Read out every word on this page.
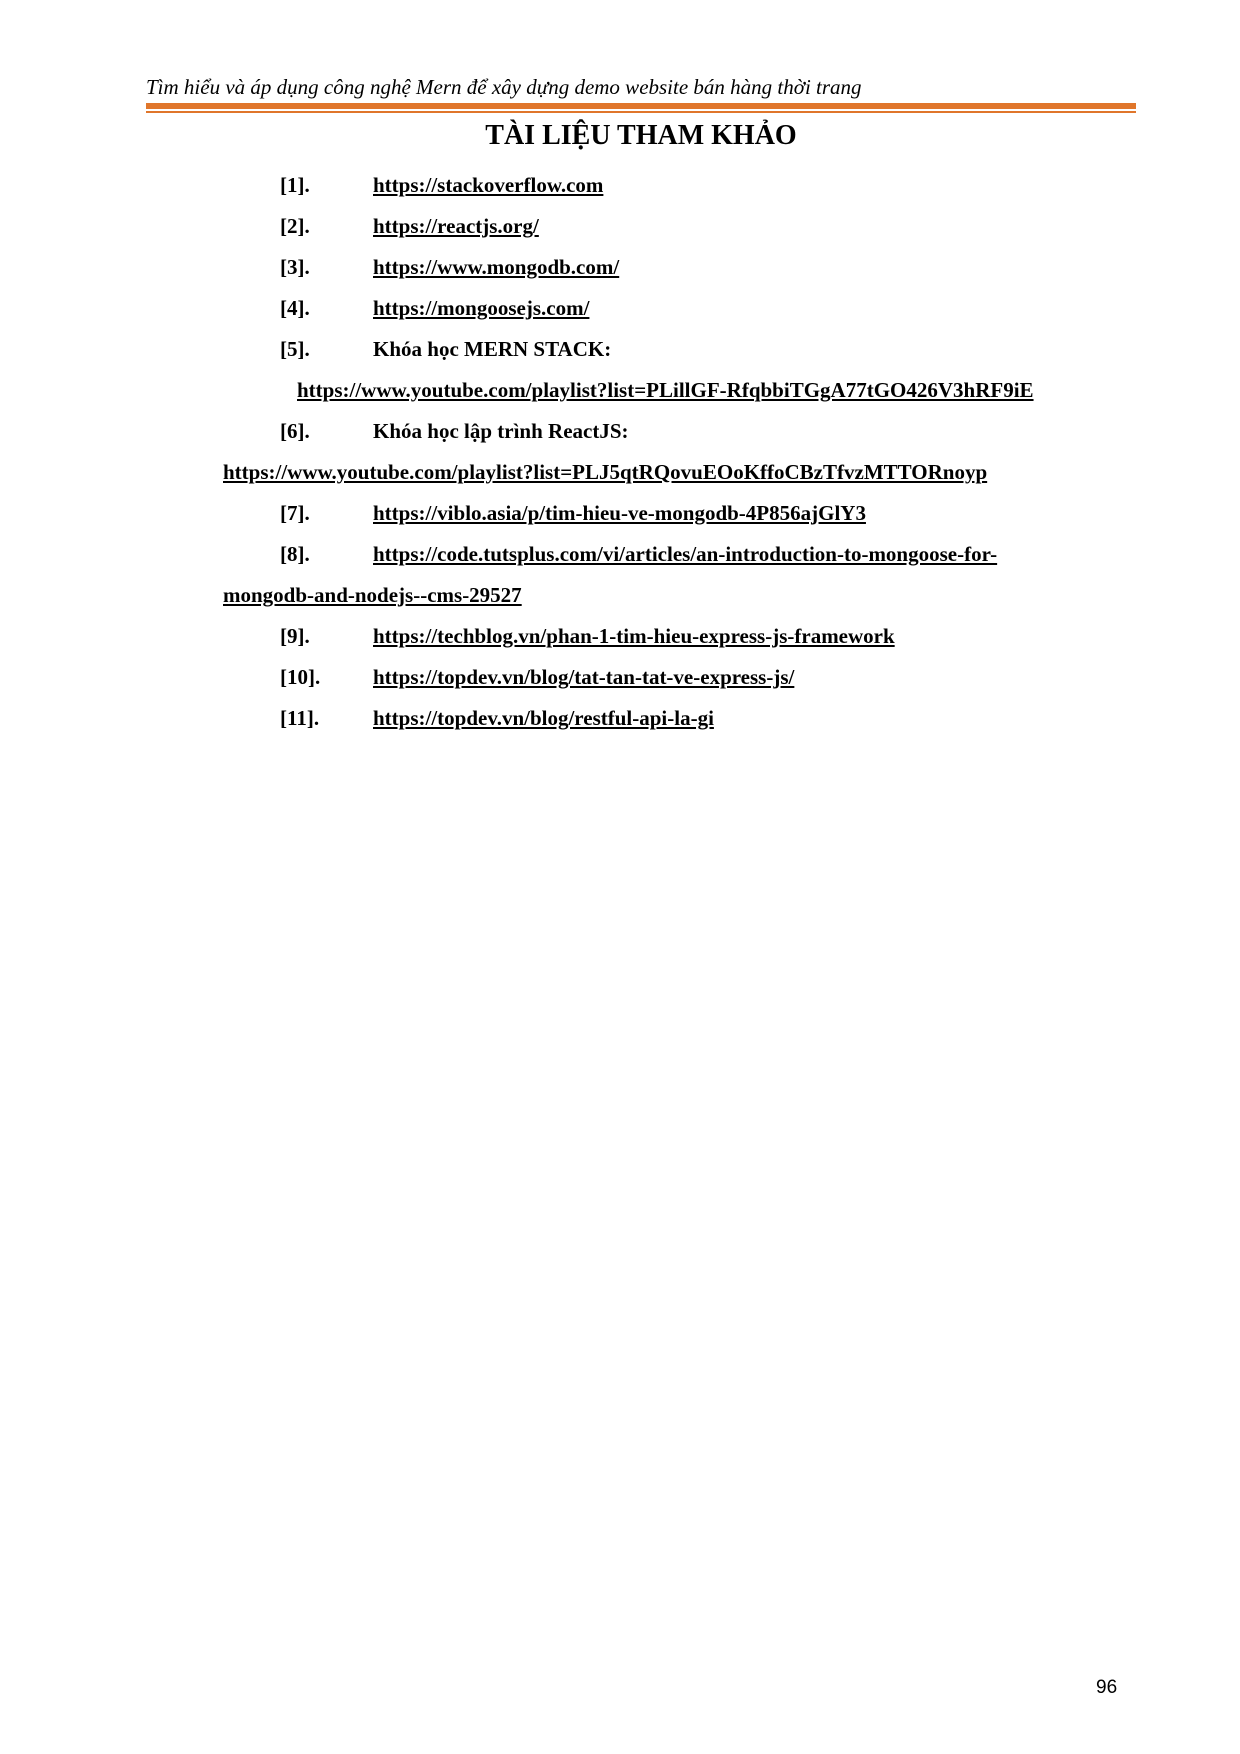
Tìm hiểu và áp dụng công nghệ Mern để xây dựng demo website bán hàng thời trang
TÀI LIỆU THAM KHẢO
[1].	https://stackoverflow.com
[2].	https://reactjs.org/
[3].	https://www.mongodb.com/
[4].	https://mongoosejs.com/
[5].	Khóa học MERN STACK:
https://www.youtube.com/playlist?list=PLillGF-RfqbbiTGgA77tGO426V3hRF9iE
[6].	Khóa học lập trình ReactJS:
https://www.youtube.com/playlist?list=PLJ5qtRQovuEOoKffoCBzTfvzMTTORnoyp
[7].	https://viblo.asia/p/tim-hieu-ve-mongodb-4P856ajGlY3
[8].	https://code.tutsplus.com/vi/articles/an-introduction-to-mongoose-for-
mongodb-and-nodejs--cms-29527
[9].	https://techblog.vn/phan-1-tim-hieu-express-js-framework
[10].	https://topdev.vn/blog/tat-tan-tat-ve-express-js/
[11].	https://topdev.vn/blog/restful-api-la-gi
96
